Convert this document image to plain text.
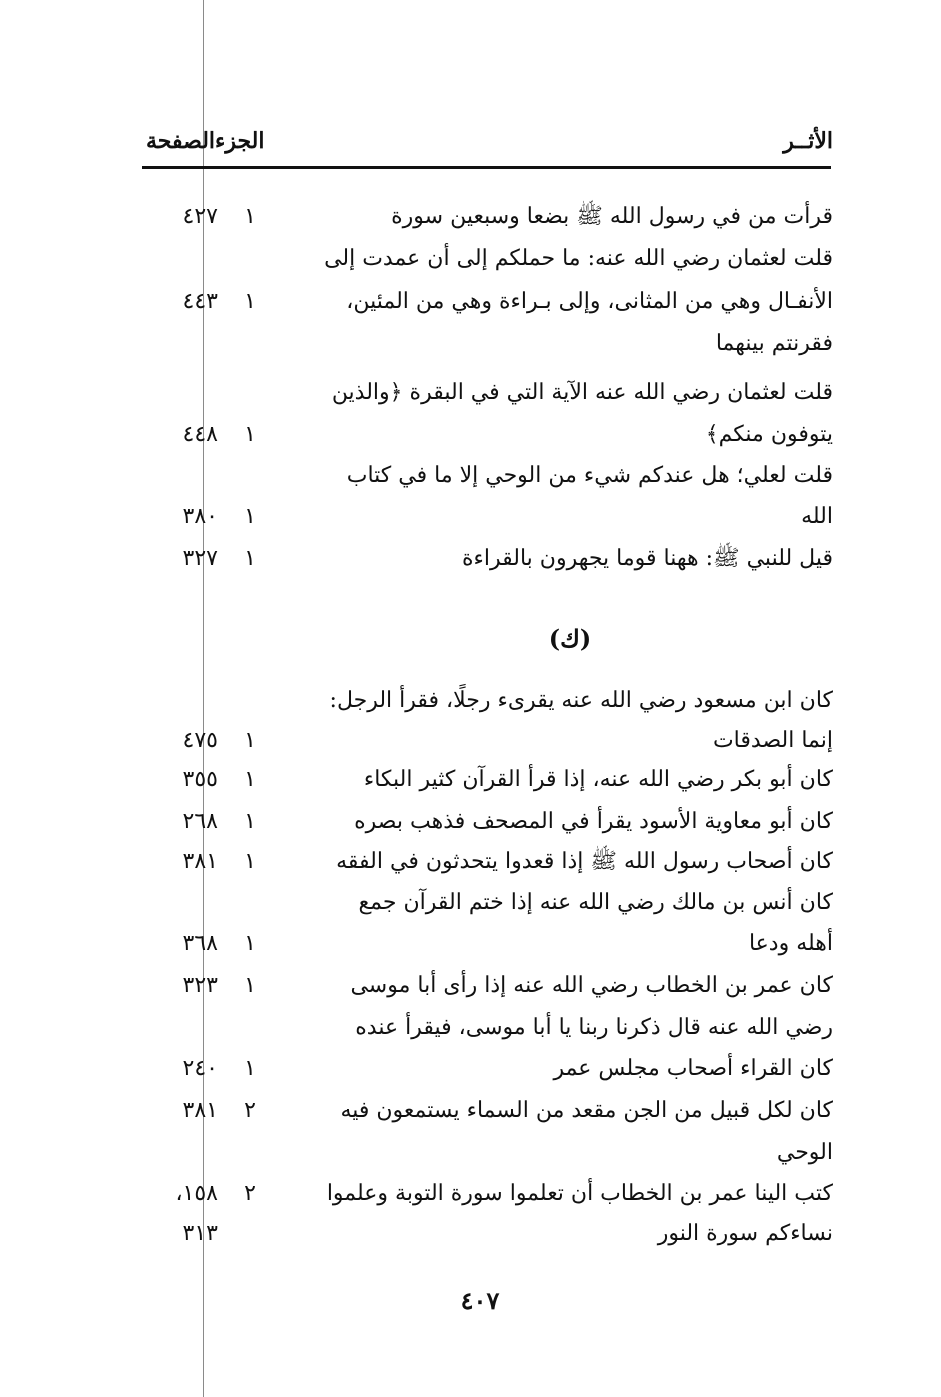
الأثــر
الجزء
الصفحة
قرأت من في رسول الله ﷺ بضعا وسبعين سورة
١
٤٢٧
قلت لعثمان رضي الله عنه: ما حملكم إلى أن عمدت إلى
الأنفـال وهي من المثانى، وإلى بـراءة وهي من المئين،
١
٤٤٣
فقرنتم بينهما
قلت لعثمان رضي الله عنه الآية التي في البقرة ﴿والذين
يتوفون منكم﴾
١
٤٤٨
قلت لعلي؛ هل عندكم شيء من الوحي إلا ما في كتاب
الله
١
٣٨٠
قيل للنبي ﷺ: ههنا قوما يجهرون بالقراءة
١
٣٢٧
(ك)
كان ابن مسعود رضي الله عنه يقرىء رجلًا، فقرأ الرجل:
إنما الصدقات
١
٤٧٥
كان أبو بكر رضي الله عنه، إذا قرأ القرآن كثير البكاء
١
٣٥٥
كان أبو معاوية الأسود يقرأ في المصحف فذهب بصره
١
٢٦٨
كان أصحاب رسول الله ﷺ إذا قعدوا يتحدثون في الفقه
١
٣٨١
كان أنس بن مالك رضي الله عنه إذا ختم القرآن جمع
أهله ودعا
١
٣٦٨
كان عمر بن الخطاب رضي الله عنه إذا رأى أبا موسى
١
٣٢٣
رضي الله عنه قال ذكرنا ربنا يا أبا موسى، فيقرأ عنده
كان القراء أصحاب مجلس عمر
١
٢٤٠
كان لكل قبيل من الجن مقعد من السماء يستمعون فيه
٢
٣٨١
الوحي
كتب الينا عمر بن الخطاب أن تعلموا سورة التوبة وعلموا
٢
١٥٨،
نساءكم سورة النور
٣١٣
٤٠٧
